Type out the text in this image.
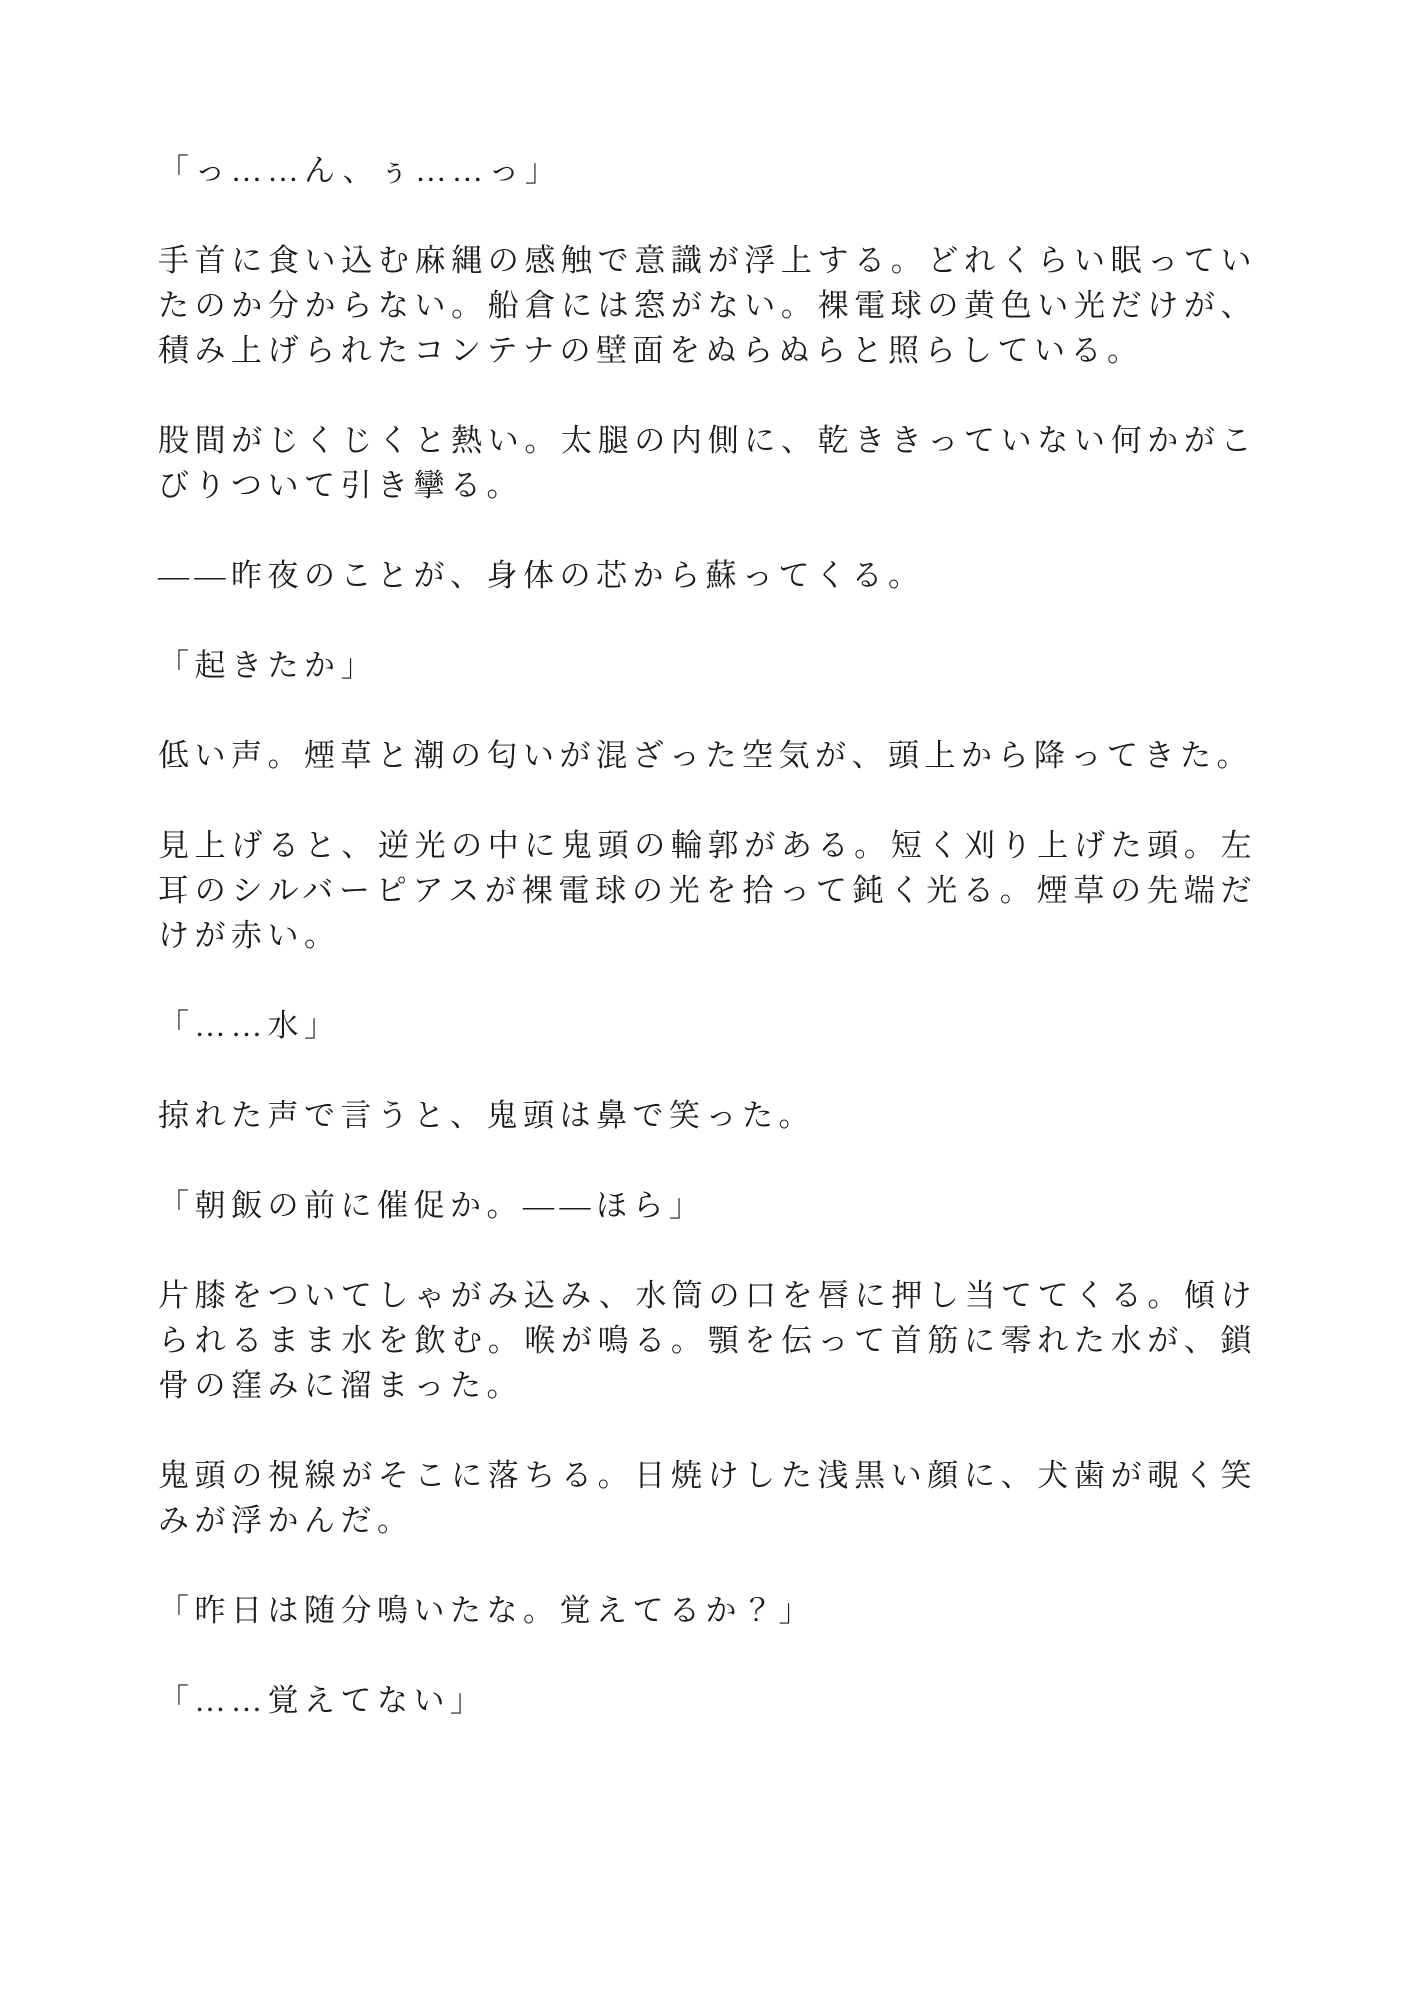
「っ……ん、ぅ……っ」

手首に食い込む麻縄の感触で意識が浮上する。どれくらい眠っていたのか分からない。船倉には窓がない。裸電球の黄色い光だけが、積み上げられたコンテナの壁面をぬらぬらと照らしている。

股間がじくじくと熱い。太腿の内側に、乾ききっていない何かがこびりついて引き攣る。

——昨夜のことが、身体の芯から蘇ってくる。

「起きたか」

低い声。煙草と潮の匂いが混ざった空気が、頭上から降ってきた。

見上げると、逆光の中に鬼頭の輪郭がある。短く刈り上げた頭。左耳のシルバーピアスが裸電球の光を拾って鈍く光る。煙草の先端だけが赤い。

「……水」

掠れた声で言うと、鬼頭は鼻で笑った。

「朝飯の前に催促か。——ほら」

片膝をついてしゃがみ込み、水筒の口を唇に押し当ててくる。傾けられるまま水を飲む。喉が鳴る。顎を伝って首筋に零れた水が、鎖骨の窪みに溜まった。

鬼頭の視線がそこに落ちる。日焼けした浅黒い顔に、犬歯が覗く笑みが浮かんだ。

「昨日は随分鳴いたな。覚えてるか？」

「……覚えてない」
